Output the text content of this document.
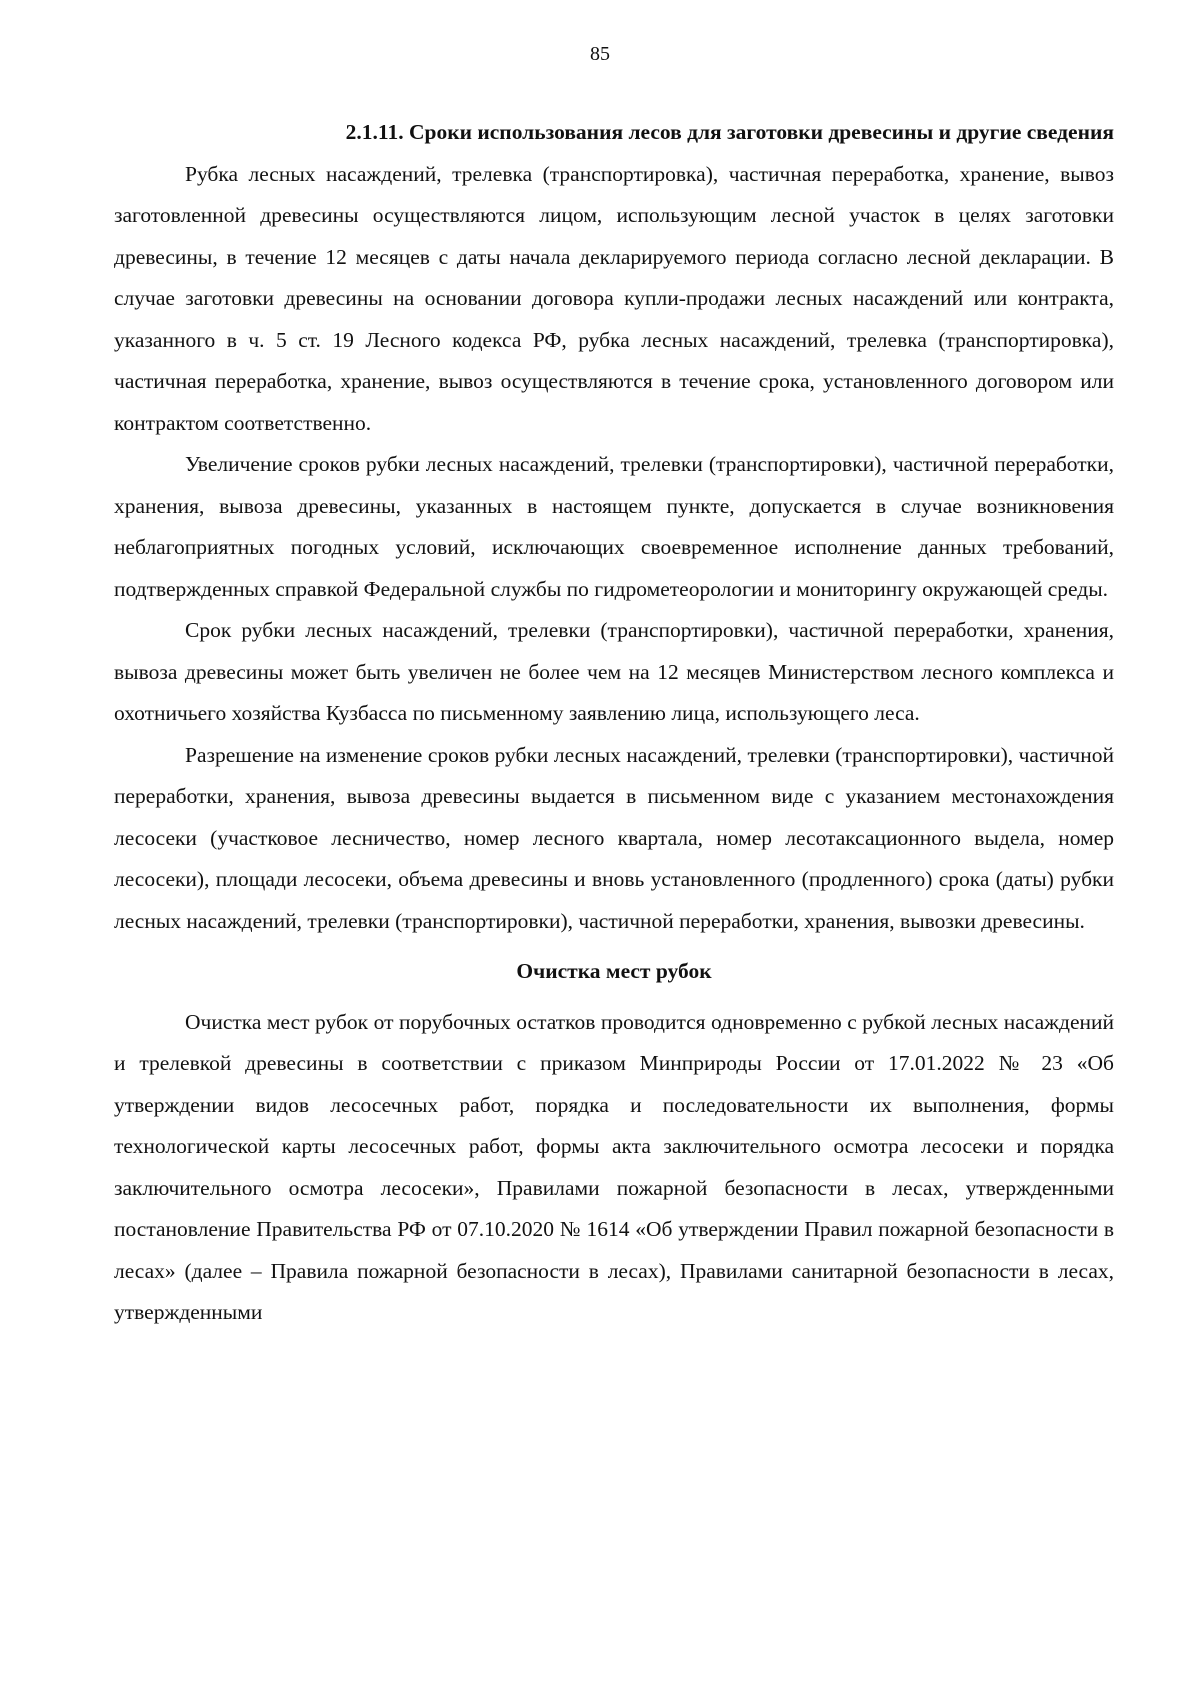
85
2.1.11. Сроки использования лесов для заготовки древесины и другие сведения

Рубка лесных насаждений, трелевка (транспортировка), частичная переработка, хранение, вывоз заготовленной древесины осуществляются лицом, использующим лесной участок в целях заготовки древесины, в течение 12 месяцев с даты начала декларируемого периода согласно лесной декларации. В случае заготовки древесины на основании договора купли-продажи лесных насаждений или контракта, указанного в ч. 5 ст. 19 Лесного кодекса РФ, рубка лесных насаждений, трелевка (транспортировка), частичная переработка, хранение, вывоз осуществляются в течение срока, установленного договором или контрактом соответственно.

Увеличение сроков рубки лесных насаждений, трелевки (транспортировки), частичной переработки, хранения, вывоза древесины, указанных в настоящем пункте, допускается в случае возникновения неблагоприятных погодных условий, исключающих своевременное исполнение данных требований, подтвержденных справкой Федеральной службы по гидрометеорологии и мониторингу окружающей среды.

Срок рубки лесных насаждений, трелевки (транспортировки), частичной переработки, хранения, вывоза древесины может быть увеличен не более чем на 12 месяцев Министерством лесного комплекса и охотничьего хозяйства Кузбасса по письменному заявлению лица, использующего леса.

Разрешение на изменение сроков рубки лесных насаждений, трелевки (транспортировки), частичной переработки, хранения, вывоза древесины выдается в письменном виде с указанием местонахождения лесосеки (участковое лесничество, номер лесного квартала, номер лесотаксационного выдела, номер лесосеки), площади лесосеки, объема древесины и вновь установленного (продленного) срока (даты) рубки лесных насаждений, трелевки (транспортировки), частичной переработки, хранения, вывозки древесины.

Очистка мест рубок

Очистка мест рубок от порубочных остатков проводится одновременно с рубкой лесных насаждений и трелевкой древесины в соответствии с приказом Минприроды России от 17.01.2022 № 23 «Об утверждении видов лесосечных работ, порядка и последовательности их выполнения, формы технологической карты лесосечных работ, формы акта заключительного осмотра лесосеки и порядка заключительного осмотра лесосеки», Правилами пожарной безопасности в лесах, утвержденными постановление Правительства РФ от 07.10.2020 № 1614 «Об утверждении Правил пожарной безопасности в лесах» (далее – Правила пожарной безопасности в лесах), Правилами санитарной безопасности в лесах, утвержденными
